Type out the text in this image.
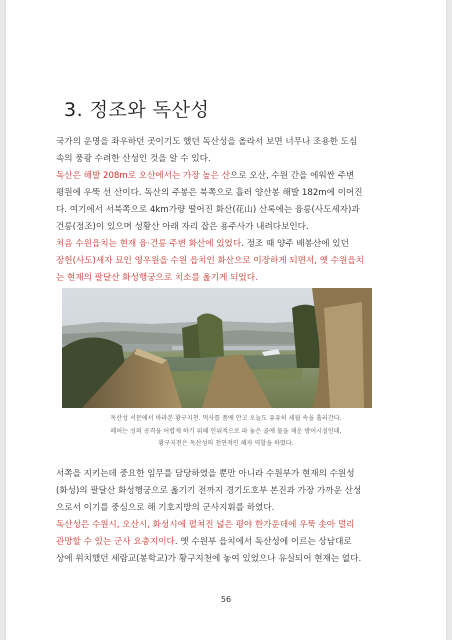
3. 정조와 독산성
국가의 운명을 좌우하던 곳이기도 했던 독산성을 올라서 보면 너무나 조용한 도심
속의 풍광 수려한 산성인 것을 알 수 있다.
독산은 해발 208m로 오산에서는 가장 높은 산으로 오산, 수원 간을 에워싼 주변
평원에 우뚝 선 산이다. 독산의 주봉은 북쪽으로 흘러 양산봉 해발 182m에 이어진
다. 여기에서 서북쪽으로 4km가량 떨어진 화산(花山) 산록에는 융릉(사도세자)과
건릉(정조)이 있으며 성황산 아래 자리 잡은 용주사가 내려다보인다.
처음 수원읍치는 현재 융·건릉 주변 화산에 있었다. 정조 때 양주 배봉산에 있던
장헌(사도)세자 묘인 영우원을 수원 읍치인 화산으로 이장하게 되면서, 옛 수원읍치
는 현재의 팔달산 화성행궁으로 치소를 옮기게 되었다.
독산성 서문에서 바라본 황구지천. 먹사를 품에 안고 오늘도 유유히 세월 속을 흘러간다.
페허는 성의 공격을 어렵게 하기 위해 인위적으로 파 놓은 골에 물을 채운 방어시설인데,
황구지천은 독산성의 천연적인 해자 역할을 하였다.
서쪽을 지키는데 중요한 임무를 담당하였을 뿐만 아니라 수원부가 현재의 수원성
(화성)의 팔달산 화성행궁으로 옮기기 전까지 경기도호부 본진과 가장 가까운 산성
으로서 이기를 중심으로 해 기호지방의 군사지휘를 하였다.
독산성은 수원시, 오산시, 화성시에 펼쳐진 넓은 평야 한가운데에 우뚝 솟아 멀리
관망할 수 있는 군사 요충지이다. 옛 수원부 읍치에서 독산성에 이르는 상남대로
상에 위치했던 세람교(봉학교)가 황구지천에 놓여 있었으나 유실되어 현재는 없다.
56
